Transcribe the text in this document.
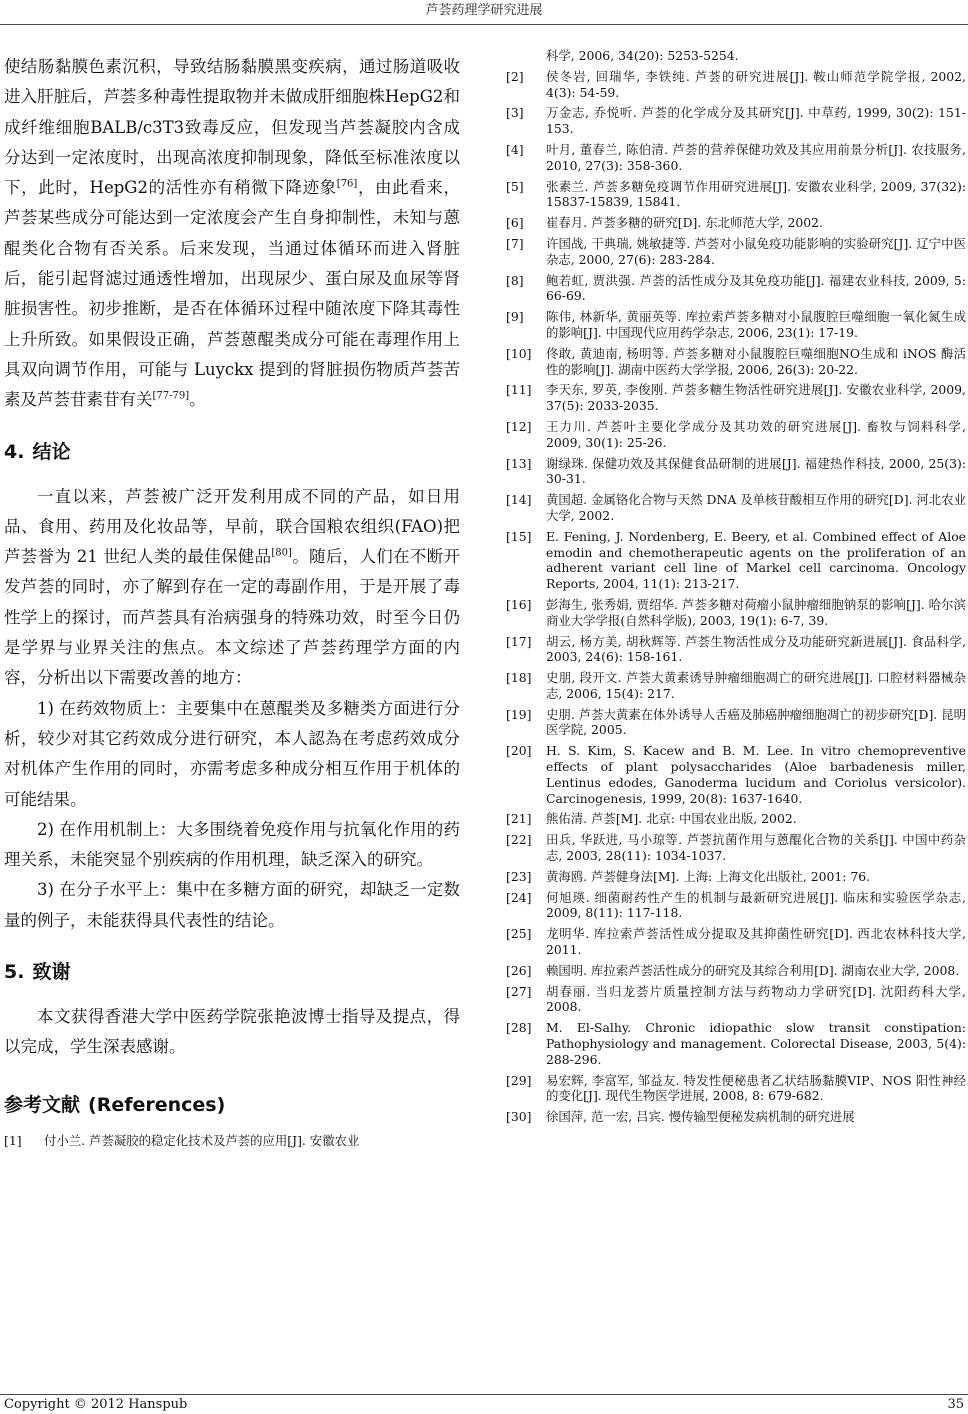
芦荟药理学研究进展

使结肠黏膜色素沉积，导致结肠黏膜黑变疾病，通过肠道吸收进入肝脏后，芦荟多种毒性提取物并未做成肝细胞株HepG2和成纤维细胞BALB/c3T3致毒反应，但发现当芦荟凝胶内含成分达到一定浓度时，出现高浓度抑制现象，降低至标准浓度以下，此时，HepG2的活性亦有稍微下降迹象[76]，由此看来，芦荟某些成分可能达到一定浓度会产生自身抑制性，未知与蒽醌类化合物有否关系。后来发现，当通过体循环而进入肾脏后，能引起肾滤过通透性增加，出现尿少、蛋白尿及血尿等肾脏损害性。初步推断，是否在体循环过程中随浓度下降其毒性上升所致。如果假设正确，芦荟蒽醌类成分可能在毒理作用上具双向调节作用，可能与 Luyckx 提到的肾脏损伤物质芦荟苦素及芦荟苷素苷有关[77-79]。

4. 结论

一直以来，芦荟被广泛开发利用成不同的产品，如日用品、食用、药用及化妆品等，早前，联合国粮农组织(FAO)把芦荟誉为 21 世纪人类的最佳保健品[80]。随后，人们在不断开发芦荟的同时，亦了解到存在一定的毒副作用，于是开展了毒性学上的探讨，而芦荟具有治病强身的特殊功效，时至今日仍是学界与业界关注的焦点。本文综述了芦荟药理学方面的内容，分析出以下需要改善的地方：

1) 在药效物质上：主要集中在蒽醌类及多糖类方面进行分析，较少对其它药效成分进行研究，本人認為在考虑药效成分对机体产生作用的同时，亦需考虑多种成分相互作用于机体的可能结果。

2) 在作用机制上：大多围绕着免疫作用与抗氧化作用的药理关系，未能突显个别疾病的作用机理，缺乏深入的研究。

3) 在分子水平上：集中在多糖方面的研究，却缺乏一定数量的例子，未能获得具代表性的结论。

5. 致谢

本文获得香港大学中医药学院张艳波博士指导及提点，得以完成，学生深表感谢。

参考文献 (References)
[1]	付小兰. 芦荟凝胶的稳定化技术及芦荟的应用[J]. 安徽农业
科学, 2006, 34(20): 5253-5254.
[2]	侯冬岩, 回瑞华, 李铁纯. 芦荟的研究进展[J]. 鞍山师范学院学报, 2002, 4(3): 54-59.
[3]	万金志, 乔悦听. 芦荟的化学成分及其研究[J]. 中草药, 1999, 30(2): 151-153.
[4]	叶月, 董春兰, 陈伯清. 芦荟的营养保健功效及其应用前景分析[J]. 农技服务, 2010, 27(3): 358-360.
[5]	张素兰. 芦荟多糖免疫调节作用研究进展[J]. 安徽农业科学, 2009, 37(32): 15837-15839, 15841.
[6]	崔春月. 芦荟多糖的研究[D]. 东北师范大学, 2002.
[7]	许国战, 干典瑞, 姚敏捷等. 芦荟对小鼠免疫功能影响的实验研究[J]. 辽宁中医杂志, 2000, 27(6): 283-284.
[8]	鲍若虹, 贾洪强. 芦荟的活性成分及其免疫功能[J]. 福建农业科技, 2009, 5: 66-69.
[9]	陈伟, 林新华, 黄丽英等. 库拉索芦荟多糖对小鼠腹腔巨噬细胞一氧化氮生成的影响[J]. 中国现代应用药学杂志, 2006, 23(1): 17-19.
[10]	佟敢, 黄迪南, 杨明等. 芦荟多糖对小鼠腹腔巨噬细胞NO生成和 iNOS 酶活性的影响[J]. 湖南中医药大学学报, 2006, 26(3): 20-22.
[11]	李天东, 罗英, 李俊刚. 芦荟多糖生物活性研究进展[J]. 安徽农业科学, 2009, 37(5): 2033-2035.
[12]	王力川. 芦荟叶主要化学成分及其功效的研究进展[J]. 畜牧与饲料科学, 2009, 30(1): 25-26.
[13]	谢绿珠. 保健功效及其保健食品研制的进展[J]. 福建热作科技, 2000, 25(3): 30-31.
[14]	黄国超. 金属铬化合物与天然 DNA 及单核苷酸相互作用的研究[D]. 河北农业大学, 2002.
[15]	E. Fening, J. Nordenberg, E. Beery, et al. Combined effect of Aloe emodin and chemotherapeutic agents on the proliferation of an adherent variant cell line of Markel cell carcinoma. Oncology Reports, 2004, 11(1): 213-217.
[16]	彭海生, 张秀娟, 贾绍华. 芦荟多糖对荷瘤小鼠肿瘤细胞钠泵的影响[J]. 哈尔滨商业大学学报(自然科学版), 2003, 19(1): 6-7, 39.
[17]	胡云, 杨方美, 胡秋辉等. 芦荟生物活性成分及功能研究新进展[J]. 食品科学, 2003, 24(6): 158-161.
[18]	史朋, 段开文. 芦荟大黄素诱导肿瘤细胞凋亡的研究进展[J]. 口腔材料器械杂志, 2006, 15(4): 217.
[19]	史朋. 芦荟大黄素在体外诱导人舌癌及肺癌肿瘤细胞凋亡的初步研究[D]. 昆明医学院, 2005.
[20]	H. S. Kim, S. Kacew and B. M. Lee. In vitro chemopreventive effects of plant polysaccharides (Aloe barbadenesis miller, Lentinus edodes, Ganoderma lucidum and Coriolus versicolor). Carcinogenesis, 1999, 20(8): 1637-1640.
[21]	熊佑清. 芦荟[M]. 北京: 中国农业出版, 2002.
[22]	田兵, 华跃进, 马小琼等. 芦荟抗菌作用与蒽醌化合物的关系[J]. 中国中药杂志, 2003, 28(11): 1034-1037.
[23]	黄海鸥. 芦荟健身法[M]. 上海: 上海文化出版社, 2001: 76.
[24]	何旭瑛. 细菌耐药性产生的机制与最新研究进展[J]. 临床和实验医学杂志, 2009, 8(11): 117-118.
[25]	龙明华. 库拉索芦荟活性成分提取及其抑菌性研究[D]. 西北农林科技大学, 2011.
[26]	赖国明. 库拉索芦荟活性成分的研究及其综合利用[D]. 湖南农业大学, 2008.
[27]	胡春丽. 当归龙荟片质量控制方法与药物动力学研究[D]. 沈阳药科大学, 2008.
[28]	M. El-Salhy. Chronic idiopathic slow transit constipation: Pathophysiology and management. Colorectal Disease, 2003, 5(4): 288-296.
[29]	易宏辉, 李富军, 邹益友. 特发性便秘患者乙状结肠黏膜VIP、NOS 阳性神经的变化[J]. 现代生物医学进展, 2008, 8: 679-682.
[30]	徐国萍, 范一宏, 吕宾. 慢传输型便秘发病机制的研究进展
Copyright © 2012 Hanspub	35
